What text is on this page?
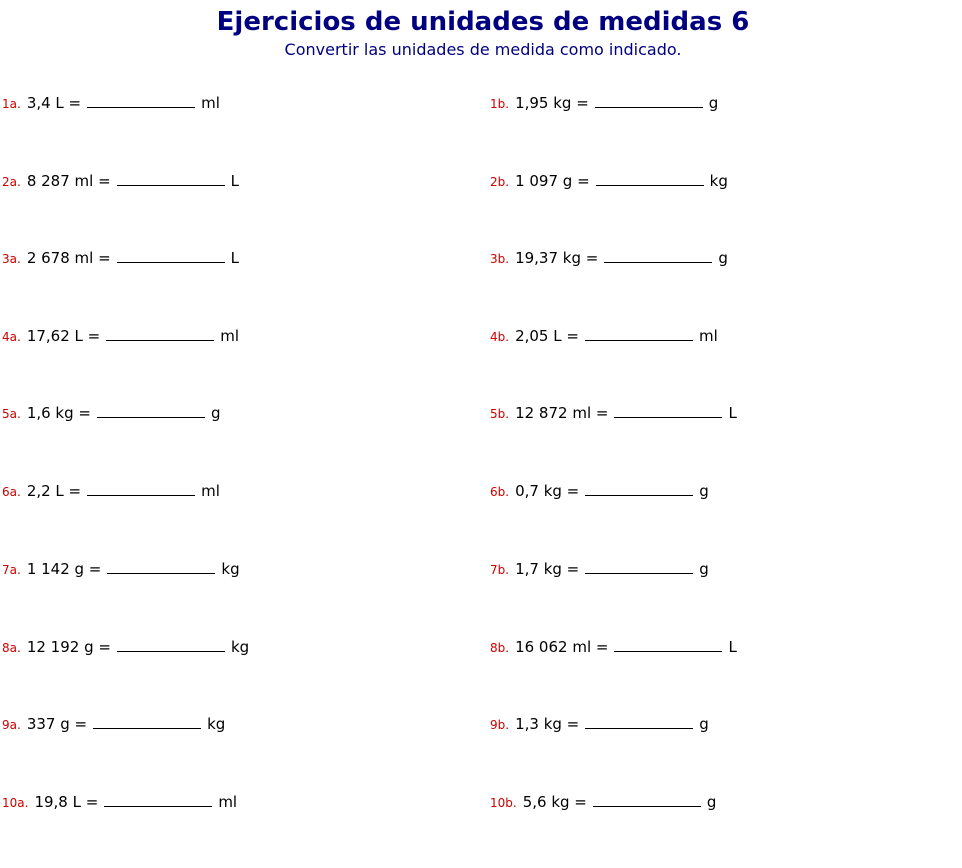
Ejercicios de unidades de medidas 6
Convertir las unidades de medida como indicado.
1a. 3,4 L =	ml	1b. 1,95 kg =	g
2a. 8 287 ml =	L	2b. 1 097 g =	kg
3a. 2 678 ml =	L	3b. 19,37 kg =	g
4a. 17,62 L =	ml	4b. 2,05 L =	ml
5a. 1,6 kg =	g	5b. 12 872 ml =	L
6a. 2,2 L =	ml	6b. 0,7 kg =	g
7a. 1 142 g =	kg	7b. 1,7 kg =	g
8a. 12 192 g =	kg	8b. 16 062 ml =	L
9a. 337 g =	kg	9b. 1,3 kg =	g
10a. 19,8 L =	ml	10b. 5,6 kg =	g
